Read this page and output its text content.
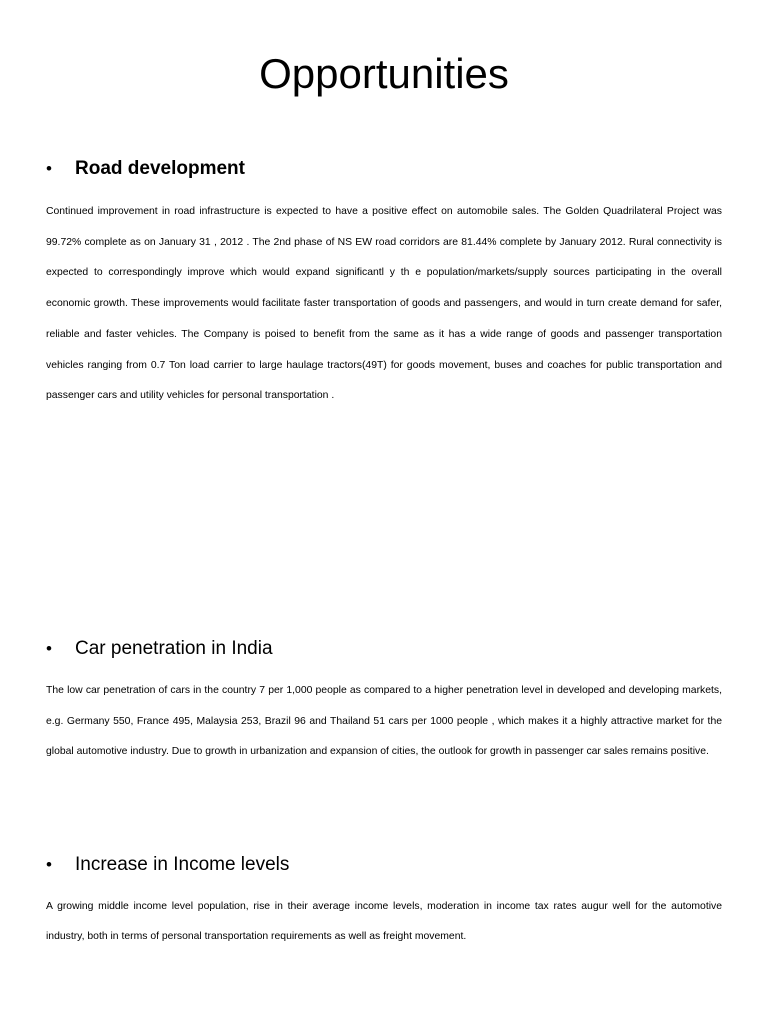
Opportunities
• Road development

Continued improvement in road infrastructure is expected to have a positive effect on automobile sales. The Golden Quadrilateral Project was 99.72% complete as on January 31 , 2012 . The 2nd phase of NS EW road corridors are 81.44% complete by January 2012. Rural connectivity is expected to correspondingly improve which would expand significantl y th e population/markets/supply sources participating in the overall economic growth. These improvements would facilitate faster transportation of goods and passengers, and would in turn create demand for safer, reliable and faster vehicles. The Company is poised to benefit from the same as it has a wide range of goods and passenger transportation vehicles ranging from 0.7 Ton load carrier to large haulage tractors(49T) for goods movement, buses and coaches for public transportation and passenger cars and utility vehicles for personal transportation .

• Car penetration in India

The low car penetration of cars in the country 7 per 1,000 people as compared to a higher penetration level in developed and developing markets, e.g. Germany 550, France 495, Malaysia 253, Brazil 96 and Thailand 51 cars per 1000 people , which makes it a highly attractive market for the global automotive industry. Due to growth in urbanization and expansion of cities, the outlook for growth in passenger car sales remains positive.

• Increase in Income levels

A growing middle income level population, rise in their average income levels, moderation in income tax rates augur well for the automotive industry, both in terms of personal transportation requirements as well as freight movement.
